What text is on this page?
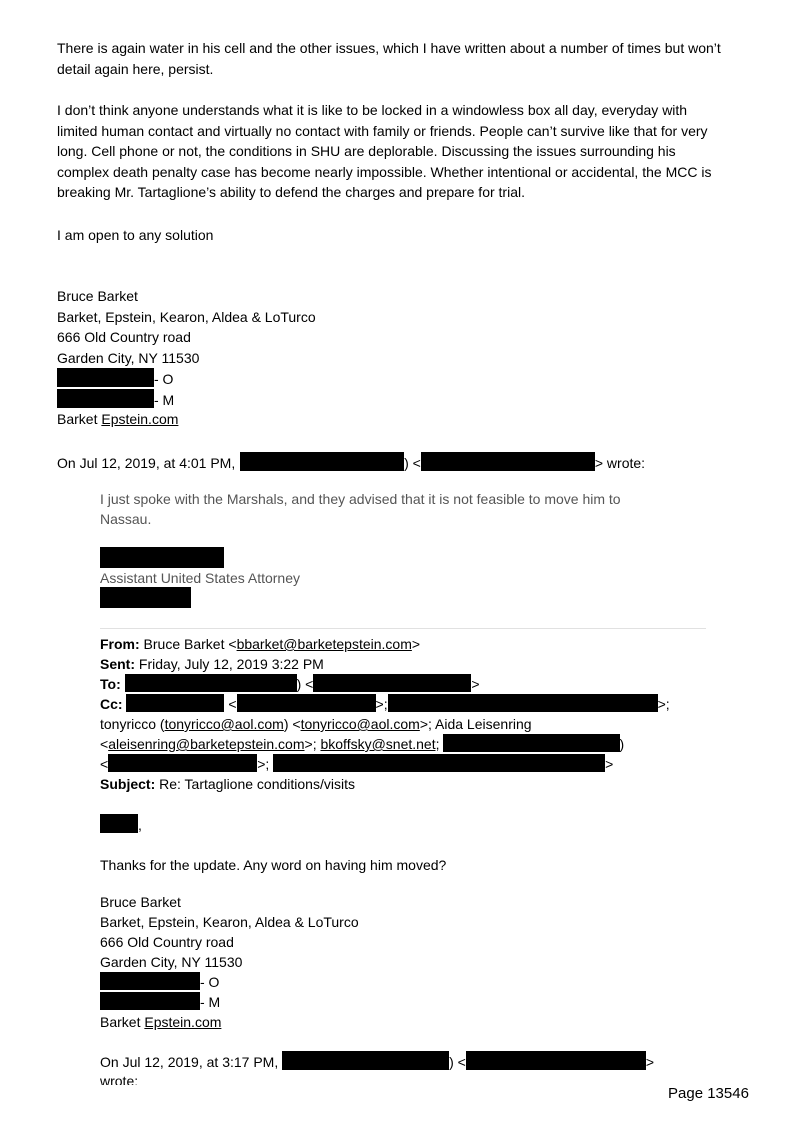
There is again water in his cell and the other issues, which I have written about a number of times but won’t
detail again here, persist.
I don’t think anyone understands what it is like to be locked in a windowless box all day, everyday with
limited human contact and virtually no contact with family or friends. People can’t survive like that for very
long. Cell phone or not, the conditions in SHU are deplorable. Discussing the issues surrounding his
complex death penalty case has become nearly impossible. Whether intentional or accidental, the MCC is
breaking Mr. Tartaglione’s ability to defend the charges and prepare for trial.
I am open to any solution
Bruce Barket
Barket, Epstein, Kearon, Aldea & LoTurco
666 Old Country road
Garden City, NY 11530
- O
- M
Barket Epstein.com
On Jul 12, 2019, at 4:01 PM,	) <	> wrote:
I just spoke with the Marshals, and they advised that it is not feasible to move him to
Nassau.
Assistant United States Attorney
From: Bruce Barket <bbarket@barketepstein.com>
Sent: Friday, July 12, 2019 3:22 PM
To:	) <	>
Cc:	<	>;	>;
tonyricco (tonyricco@aol.com) <tonyricco@aol.com>; Aida Leisenring
<aleisenring@barketepstein.com>; bkoffsky@snet.net;	)
<	>;	>
Subject: Re: Tartaglione conditions/visits
,
Thanks for the update. Any word on having him moved?
Bruce Barket
Barket, Epstein, Kearon, Aldea & LoTurco
666 Old Country road
Garden City, NY 11530
- O
- M
Barket Epstein.com
On Jul 12, 2019, at 3:17 PM,	) <	>
wrote:
Page 13546
